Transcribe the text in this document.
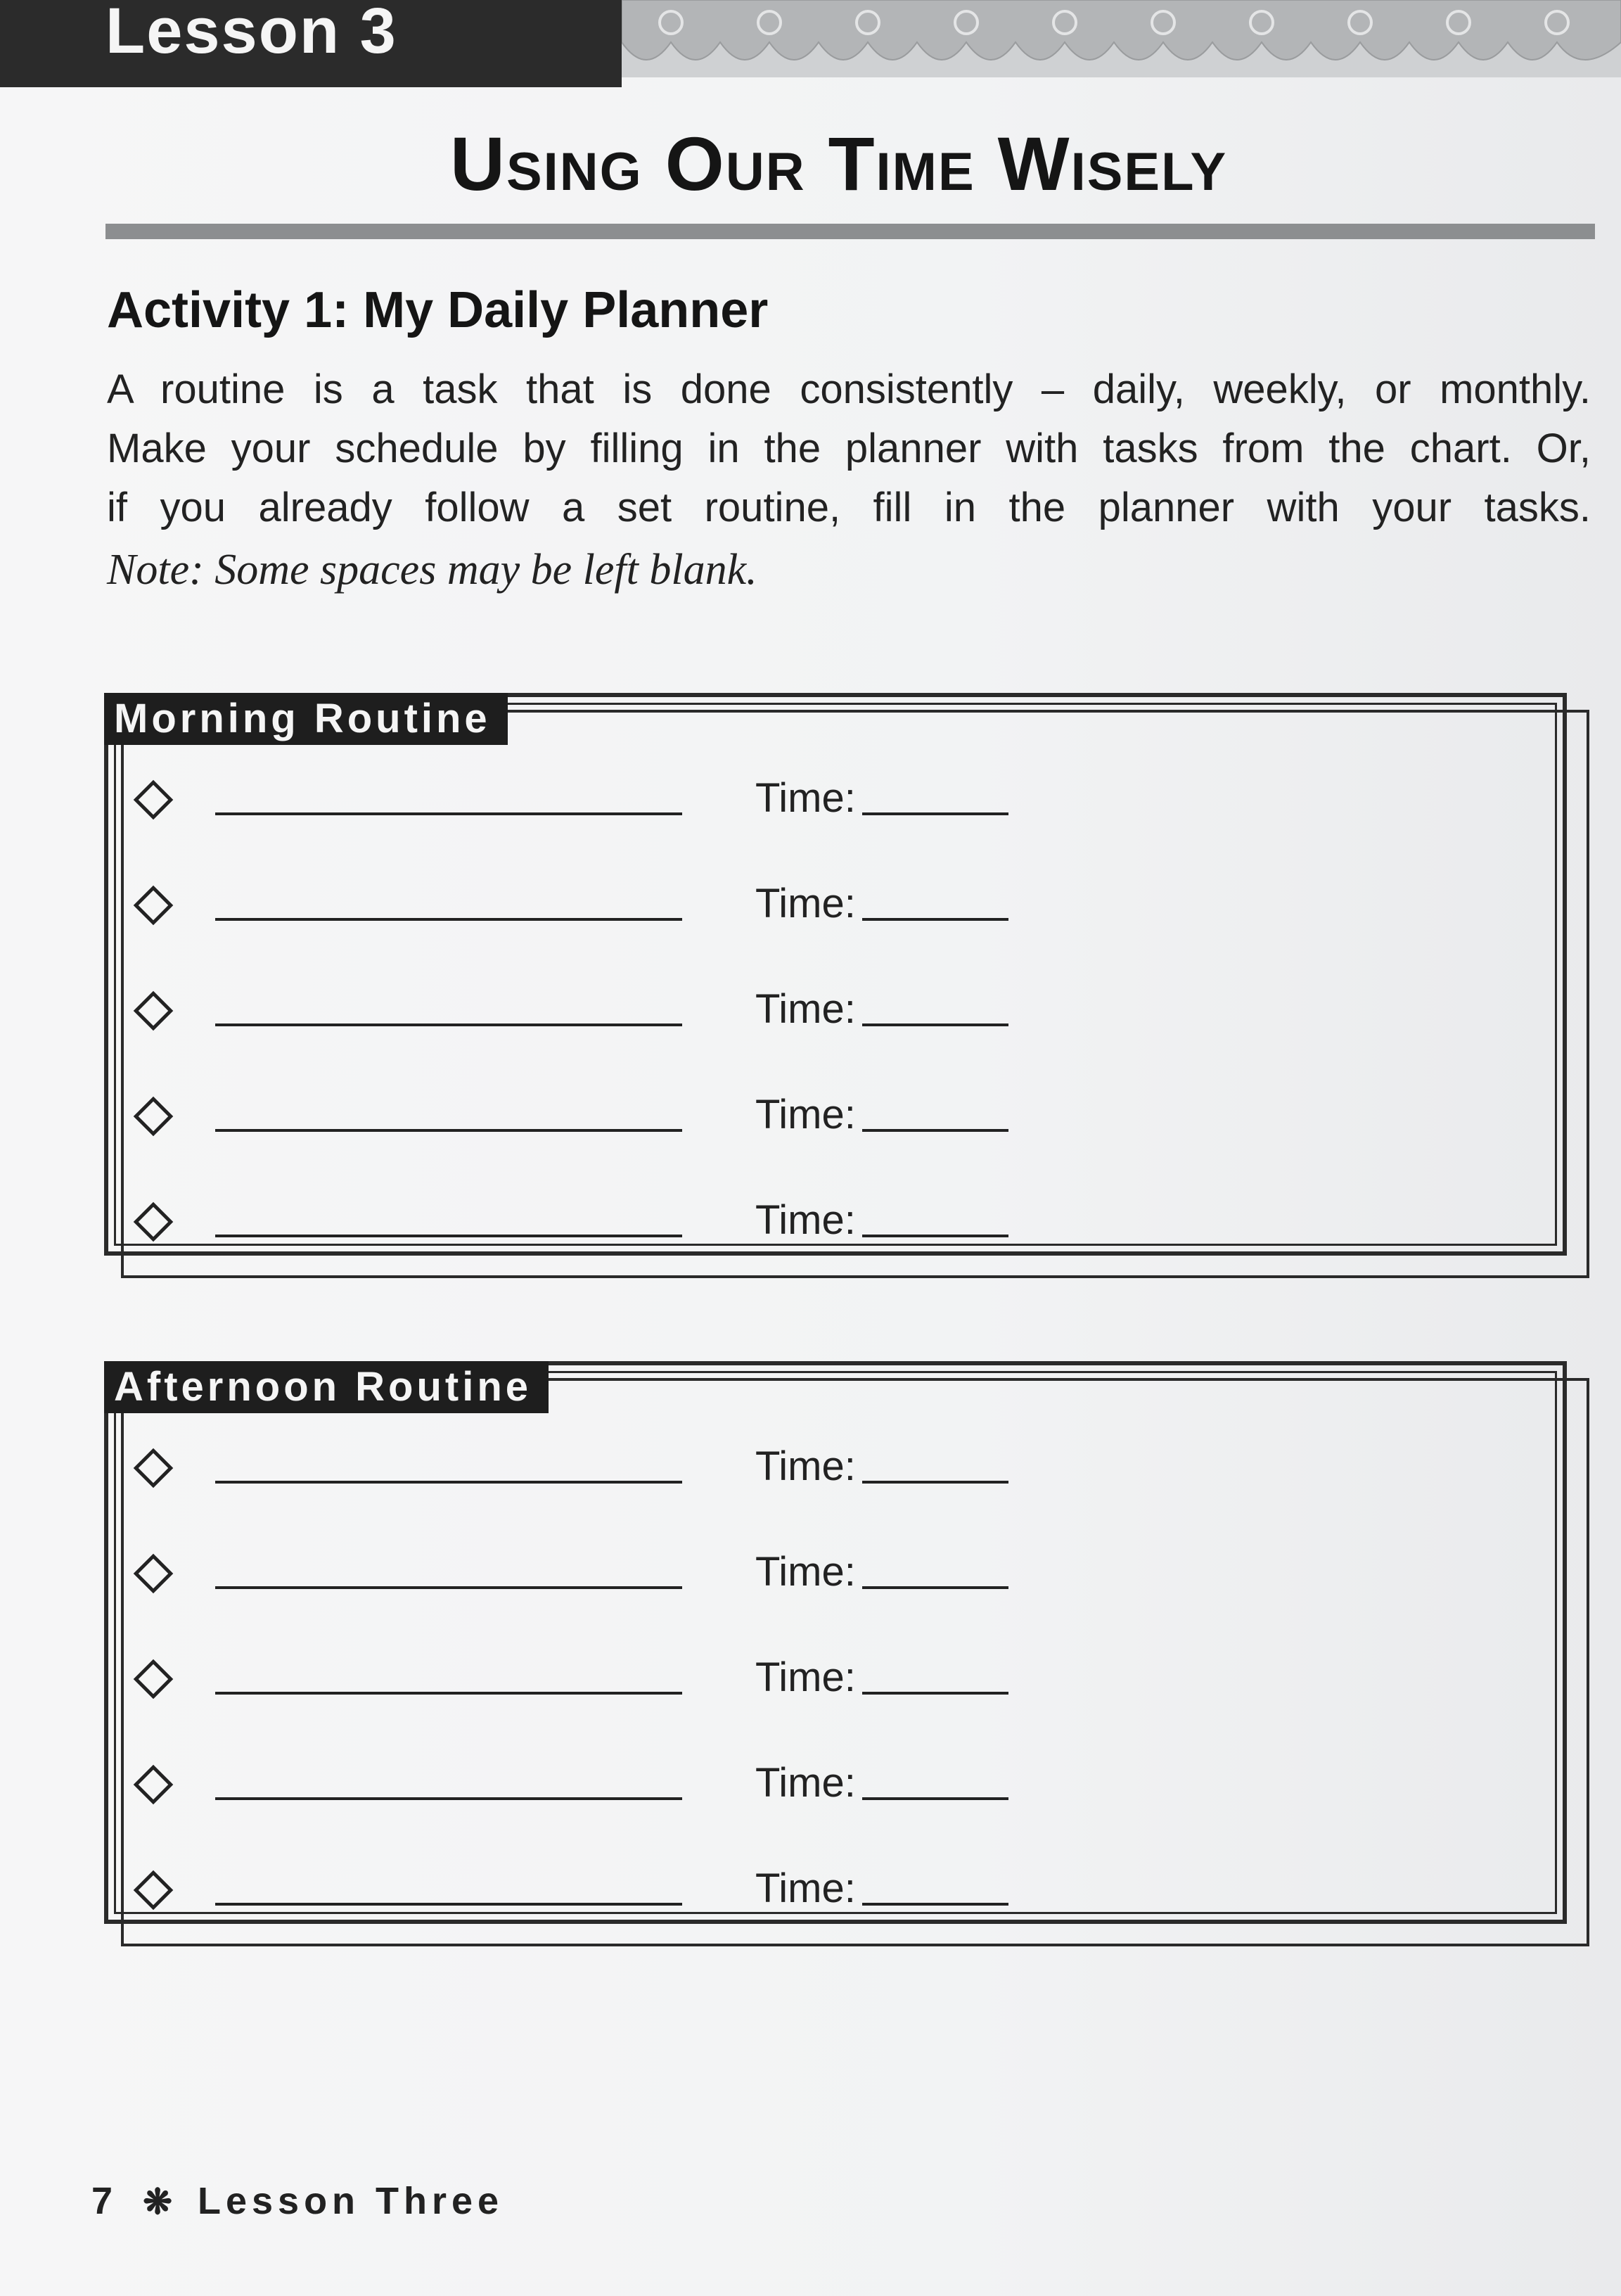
Lesson 3
Using Our Time Wisely
Activity 1: My Daily Planner
A routine is a task that is done consistently – daily, weekly, or monthly.
Make your schedule by filling in the planner with tasks from the chart. Or,
if you already follow a set routine, fill in the planner with your tasks.
Note: Some spaces may be left blank.
Morning Routine
Time:
Time:
Time:
Time:
Time:
Afternoon Routine
Time:
Time:
Time:
Time:
Time:
7 ❋ Lesson Three
